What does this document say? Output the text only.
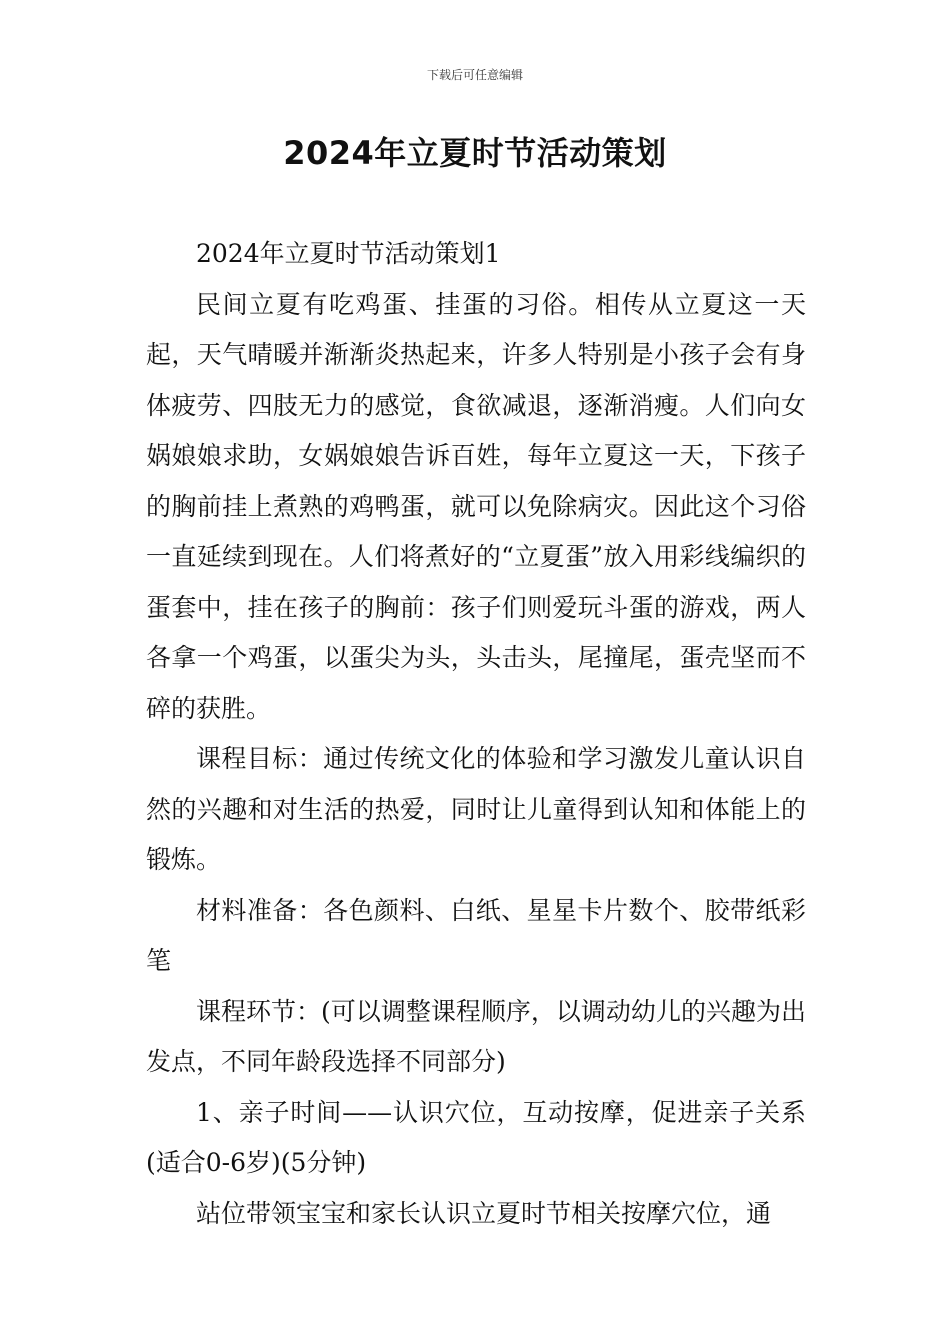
下载后可任意编辑
2024年立夏时节活动策划

2024年立夏时节活动策划1

民间立夏有吃鸡蛋、挂蛋的习俗。相传从立夏这一天起，天气晴暖并渐渐炎热起来，许多人特别是小孩子会有身体疲劳、四肢无力的感觉，食欲减退，逐渐消瘦。人们向女娲娘娘求助，女娲娘娘告诉百姓，每年立夏这一天，下孩子的胸前挂上煮熟的鸡鸭蛋，就可以免除病灾。因此这个习俗一直延续到现在。人们将煮好的“立夏蛋”放入用彩线编织的蛋套中，挂在孩子的胸前：孩子们则爱玩斗蛋的游戏，两人各拿一个鸡蛋，以蛋尖为头，头击头，尾撞尾，蛋壳坚而不碎的获胜。

课程目标：通过传统文化的体验和学习激发儿童认识自然的兴趣和对生活的热爱，同时让儿童得到认知和体能上的锻炼。

材料准备：各色颜料、白纸、星星卡片数个、胶带纸彩笔

课程环节：(可以调整课程顺序，以调动幼儿的兴趣为出发点，不同年龄段选择不同部分)

1、亲子时间——认识穴位，互动按摩，促进亲子关系(适合0-6岁)(5分钟)

站位带领宝宝和家长认识立夏时节相关按摩穴位，通
